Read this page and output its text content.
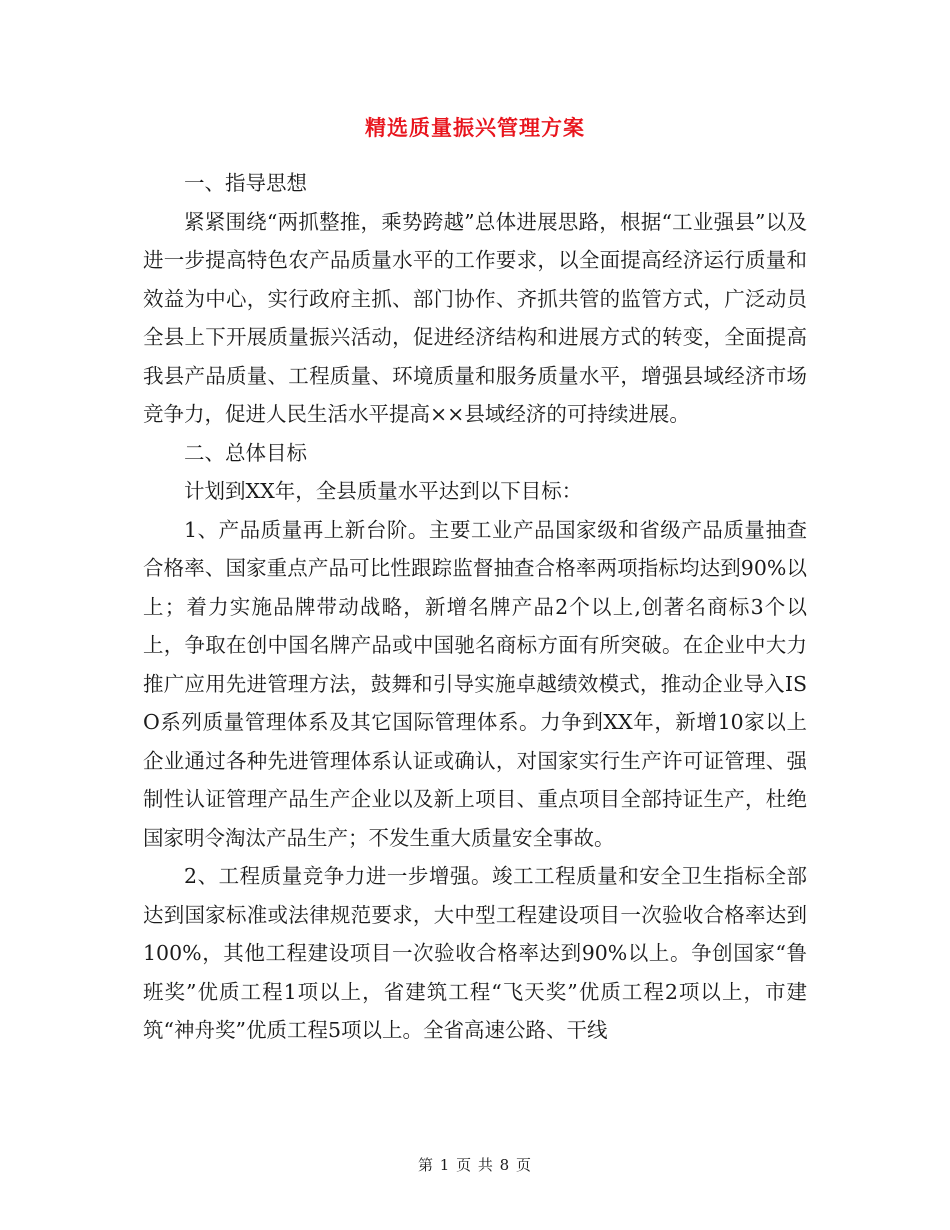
精选质量振兴管理方案

一、指导思想

紧紧围绕“两抓整推，乘势跨越”总体进展思路，根据“工业强县”以及进一步提高特色农产品质量水平的工作要求，以全面提高经济运行质量和效益为中心，实行政府主抓、部门协作、齐抓共管的监管方式，广泛动员全县上下开展质量振兴活动，促进经济结构和进展方式的转变，全面提高我县产品质量、工程质量、环境质量和服务质量水平，增强县域经济市场竞争力，促进人民生活水平提高××县域经济的可持续进展。

二、总体目标

计划到XX年，全县质量水平达到以下目标：

1、产品质量再上新台阶。主要工业产品国家级和省级产品质量抽查合格率、国家重点产品可比性跟踪监督抽查合格率两项指标均达到90%以上；着力实施品牌带动战略，新增名牌产品2个以上,创著名商标3个以上，争取在创中国名牌产品或中国驰名商标方面有所突破。在企业中大力推广应用先进管理方法，鼓舞和引导实施卓越绩效模式，推动企业导入ISO系列质量管理体系及其它国际管理体系。力争到XX年，新增10家以上企业通过各种先进管理体系认证或确认，对国家实行生产许可证管理、强制性认证管理产品生产企业以及新上项目、重点项目全部持证生产，杜绝国家明令淘汰产品生产；不发生重大质量安全事故。

2、工程质量竞争力进一步增强。竣工工程质量和安全卫生指标全部达到国家标准或法律规范要求，大中型工程建设项目一次验收合格率达到100%，其他工程建设项目一次验收合格率达到90%以上。争创国家“鲁班奖”优质工程1项以上，省建筑工程“飞天奖”优质工程2项以上，市建筑“神舟奖”优质工程5项以上。全省高速公路、干线

第 1 页 共 8 页
